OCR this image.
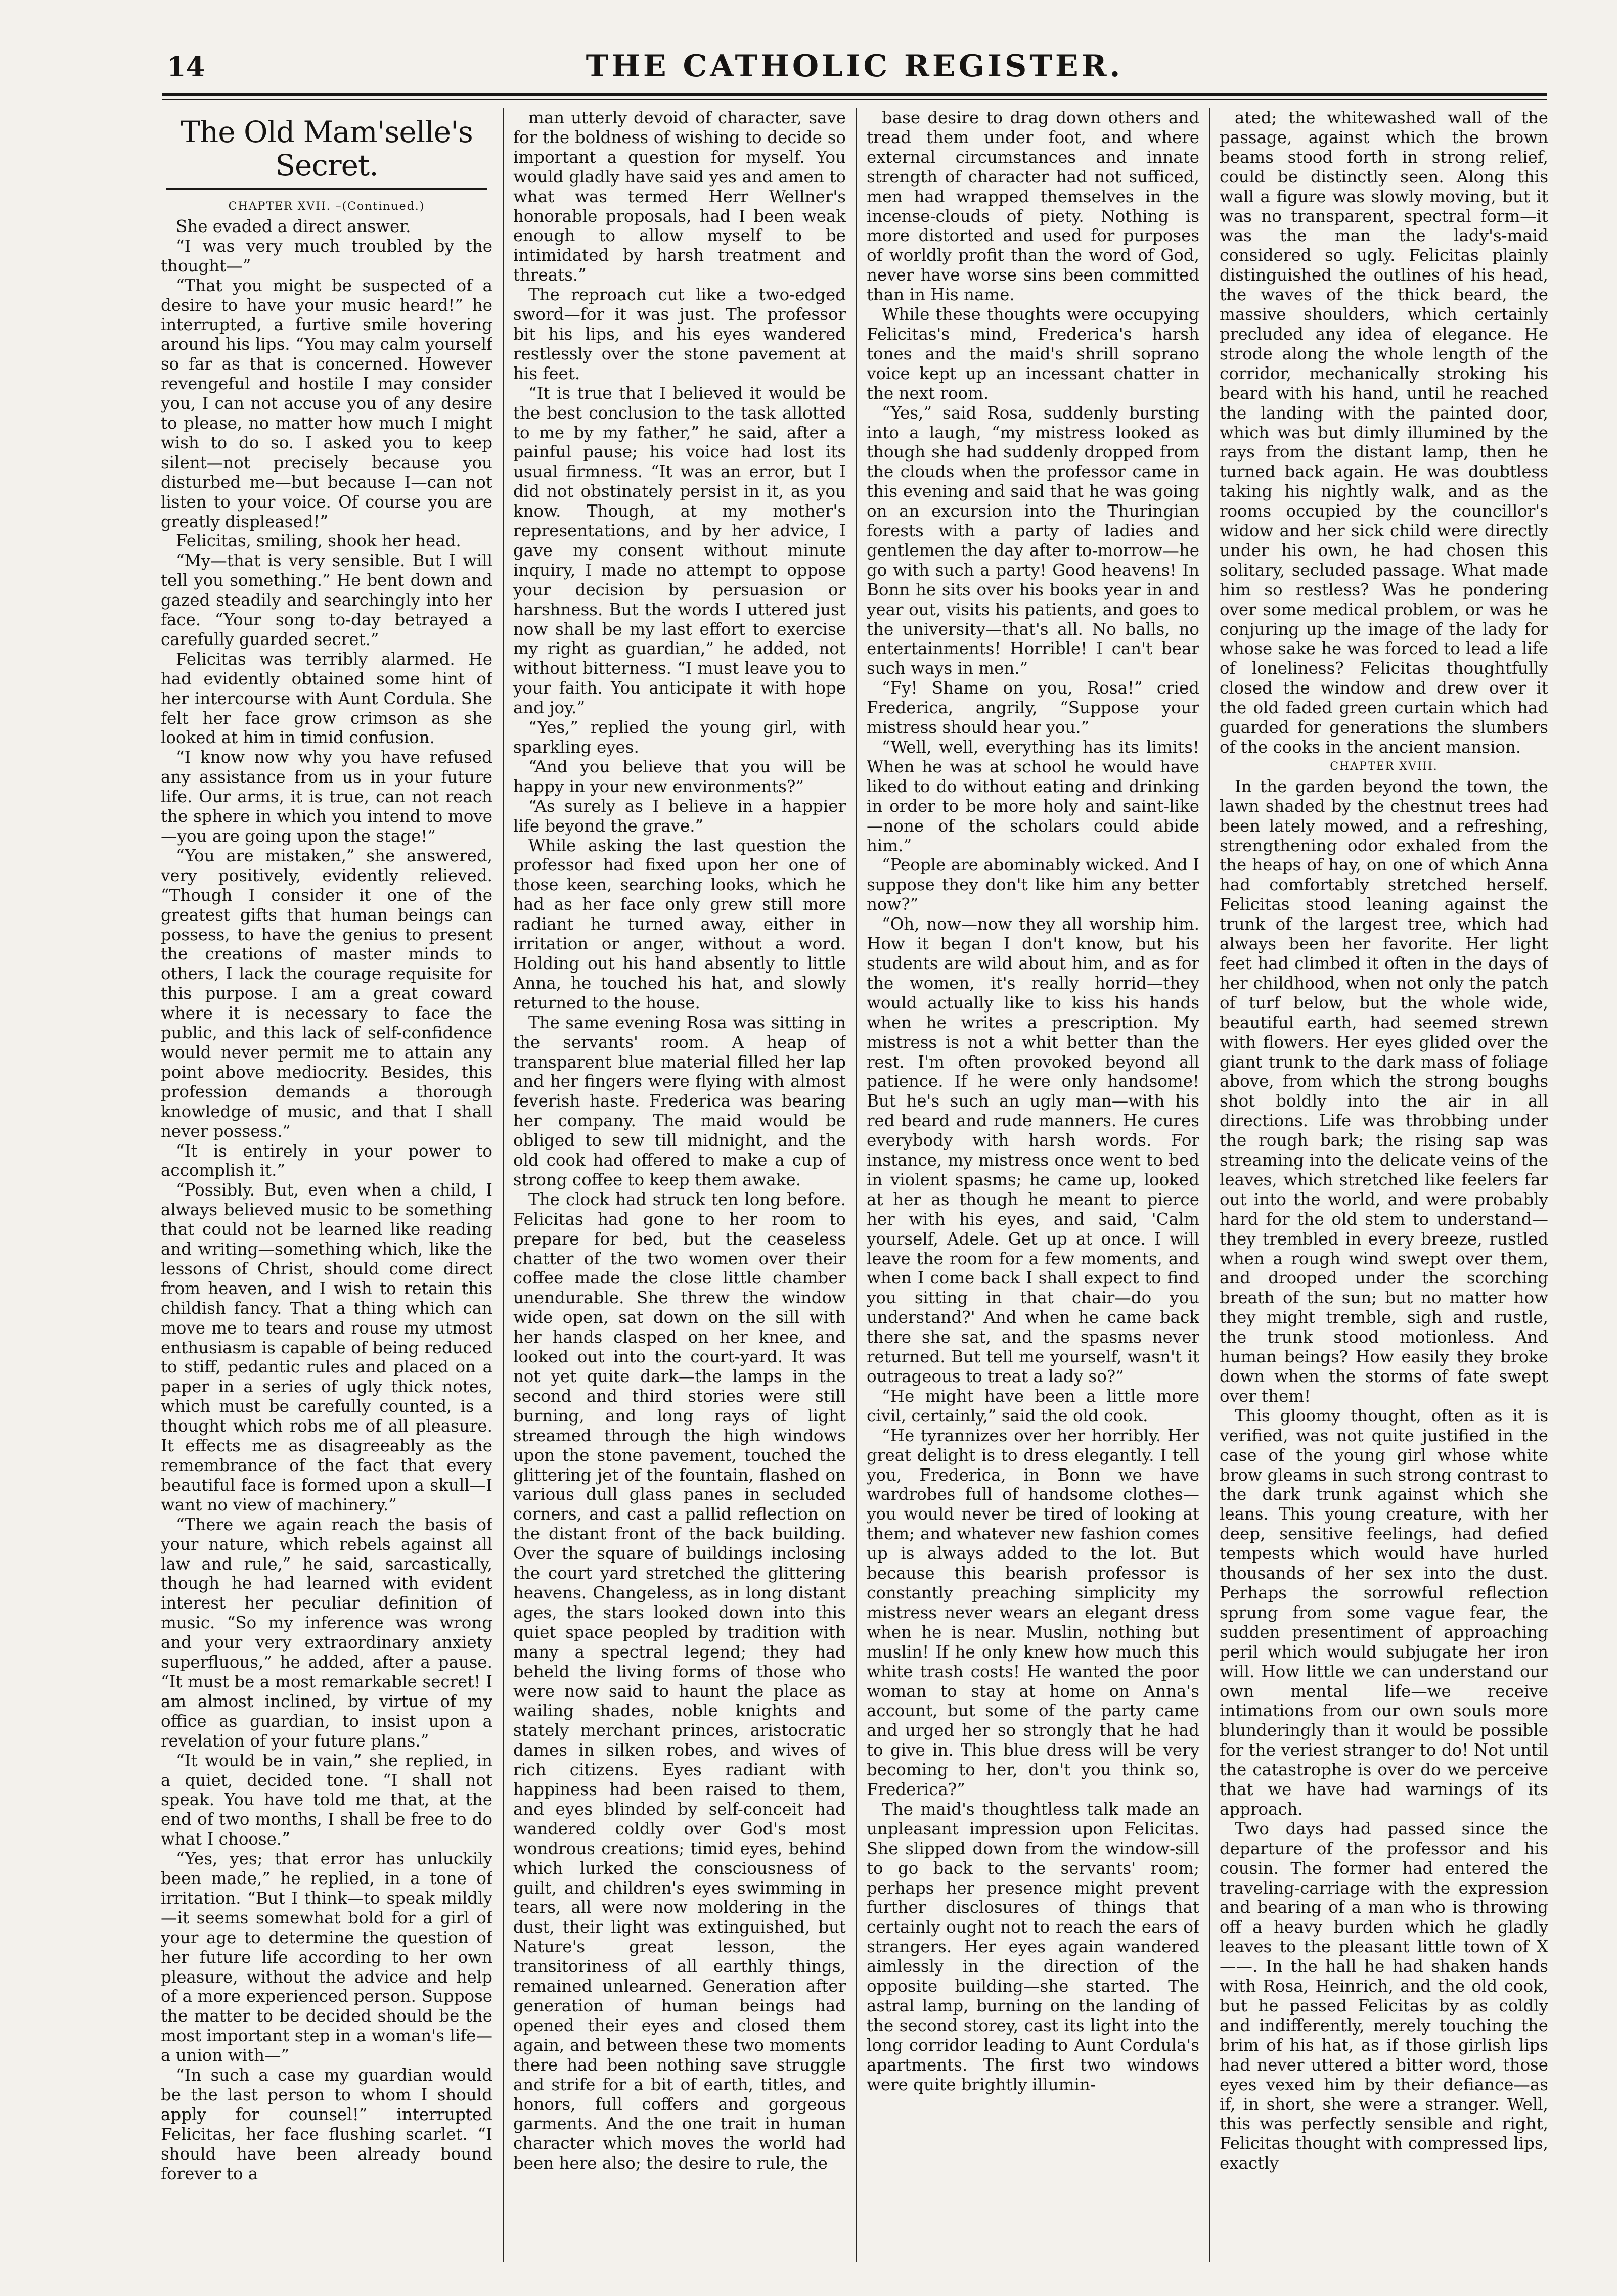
14	THE CATHOLIC REGISTER.
The Old Mam'selle's Secret.

CHAPTER XVII. –(Continued.)

She evaded a direct answer.

“I was very much troubled by the thought—”

“That you might be suspected of a desire to have your music heard!” he interrupted, a furtive smile hovering around his lips. “You may calm yourself so far as that is concerned. However revengeful and hostile I may consider you, I can not accuse you of any desire to please, no matter how much I might wish to do so. I asked you to keep silent—not precisely because you disturbed me—but because I—can not listen to your voice. Of course you are greatly displeased!”

Felicitas, smiling, shook her head.

“My—that is very sensible. But I will tell you something.” He bent down and gazed steadily and searchingly into her face. “Your song to-day betrayed a carefully guarded secret.”

Felicitas was terribly alarmed. He had evidently obtained some hint of her intercourse with Aunt Cordula. She felt her face grow crimson as she looked at him in timid confusion.

“I know now why you have refused any assistance from us in your future life. Our arms, it is true, can not reach the sphere in which you intend to move—you are going upon the stage!”

“You are mistaken,” she answered, very positively, evidently relieved. “Though I consider it one of the greatest gifts that human beings can possess, to have the genius to present the creations of master minds to others, I lack the courage requisite for this purpose. I am a great coward where it is necessary to face the public, and this lack of self-confidence would never permit me to attain any point above mediocrity. Besides, this profession demands a thorough knowledge of music, and that I shall never possess.”

“It is entirely in your power to accomplish it.”

“Possibly. But, even when a child, I always believed music to be something that could not be learned like reading and writing—something which, like the lessons of Christ, should come direct from heaven, and I wish to retain this childish fancy. That a thing which can move me to tears and rouse my utmost enthusiasm is capable of being reduced to stiff, pedantic rules and placed on a paper in a series of ugly thick notes, which must be carefully counted, is a thought which robs me of all pleasure. It effects me as disagreeably as the remembrance of the fact that every beautiful face is formed upon a skull—I want no view of machinery.”

“There we again reach the basis of your nature, which rebels against all law and rule,” he said, sarcastically, though he had learned with evident interest her peculiar definition of music. “So my inference was wrong and your very extraordinary anxiety superfluous,” he added, after a pause. “It must be a most remarkable secret! I am almost inclined, by virtue of my office as guardian, to insist upon a revelation of your future plans.”

“It would be in vain,” she replied, in a quiet, decided tone. “I shall not speak. You have told me that, at the end of two months, I shall be free to do what I choose.”

“Yes, yes; that error has unluckily been made,” he replied, in a tone of irritation. “But I think—to speak mildly—it seems somewhat bold for a girl of your age to determine the question of her future life according to her own pleasure, without the advice and help of a more experienced person. Suppose the matter to be decided should be the most important step in a woman's life—a union with—”

“In such a case my guardian would be the last person to whom I should apply for counsel!” interrupted Felicitas, her face flushing scarlet. “I should have been already bound forever to a

man utterly devoid of character, save for the boldness of wishing to decide so important a question for myself. You would gladly have said yes and amen to what was termed Herr Wellner's honorable proposals, had I been weak enough to allow myself to be intimidated by harsh treatment and threats.”

The reproach cut like a two-edged sword—for it was just. The professor bit his lips, and his eyes wandered restlessly over the stone pavement at his feet.

“It is true that I believed it would be the best conclusion to the task allotted to me by my father,” he said, after a painful pause; his voice had lost its usual firmness. “It was an error, but I did not obstinately persist in it, as you know. Though, at my mother's representations, and by her advice, I gave my consent without minute inquiry, I made no attempt to oppose your decision by persuasion or harshness. But the words I uttered just now shall be my last effort to exercise my right as guardian,” he added, not without bitterness. “I must leave you to your faith. You anticipate it with hope and joy.”

“Yes,” replied the young girl, with sparkling eyes.

“And you believe that you will be happy in your new environments?”

“As surely as I believe in a happier life beyond the grave.”

While asking the last question the professor had fixed upon her one of those keen, searching looks, which he had as her face only grew still more radiant he turned away, either in irritation or anger, without a word. Holding out his hand absently to little Anna, he touched his hat, and slowly returned to the house.

The same evening Rosa was sitting in the servants' room. A heap of transparent blue material filled her lap and her fingers were flying with almost feverish haste. Frederica was bearing her company. The maid would be obliged to sew till midnight, and the old cook had offered to make a cup of strong coffee to keep them awake.

The clock had struck ten long before. Felicitas had gone to her room to prepare for bed, but the ceaseless chatter of the two women over their coffee made the close little chamber unendurable. She threw the window wide open, sat down on the sill with her hands clasped on her knee, and looked out into the court-yard. It was not yet quite dark—the lamps in the second and third stories were still burning, and long rays of light streamed through the high windows upon the stone pavement, touched the glittering jet of the fountain, flashed on various dull glass panes in secluded corners, and cast a pallid reflection on the distant front of the back building. Over the square of buildings inclosing the court yard stretched the glittering heavens. Changeless, as in long distant ages, the stars looked down into this quiet space peopled by tradition with many a spectral legend; they had beheld the living forms of those who were now said to haunt the place as wailing shades, noble knights and stately merchant princes, aristocratic dames in silken robes, and wives of rich citizens. Eyes radiant with happiness had been raised to them, and eyes blinded by self-conceit had wandered coldly over God's most wondrous creations; timid eyes, behind which lurked the consciousness of guilt, and children's eyes swimming in tears, all were now moldering in the dust, their light was extinguished, but Nature's great lesson, the transitoriness of all earthly things, remained unlearned. Generation after generation of human beings had opened their eyes and closed them again, and between these two moments there had been nothing save struggle and strife for a bit of earth, titles, and honors, full coffers and gorgeous garments. And the one trait in human character which moves the world had been here also; the desire to rule, the

base desire to drag down others and tread them under foot, and where external circumstances and innate strength of character had not sufficed, men had wrapped themselves in the incense-clouds of piety. Nothing is more distorted and used for purposes of worldly profit than the word of God, never have worse sins been committed than in His name.

While these thoughts were occupying Felicitas's mind, Frederica's harsh tones and the maid's shrill soprano voice kept up an incessant chatter in the next room.

“Yes,” said Rosa, suddenly bursting into a laugh, “my mistress looked as though she had suddenly dropped from the clouds when the professor came in this evening and said that he was going on an excursion into the Thuringian forests with a party of ladies and gentlemen the day after to-morrow—he go with such a party! Good heavens! In Bonn he sits over his books year in and year out, visits his patients, and goes to the university—that's all. No balls, no entertainments! Horrible! I can't bear such ways in men.”

“Fy! Shame on you, Rosa!” cried Frederica, angrily, “Suppose your mistress should hear you.”

“Well, well, everything has its limits! When he was at school he would have liked to do without eating and drinking in order to be more holy and saint-like—none of the scholars could abide him.”

“People are abominably wicked. And I suppose they don't like him any better now?”

“Oh, now—now they all worship him. How it began I don't know, but his students are wild about him, and as for the women, it's really horrid—they would actually like to kiss his hands when he writes a prescription. My mistress is not a whit better than the rest. I'm often provoked beyond all patience. If he were only handsome! But he's such an ugly man—with his red beard and rude manners. He cures everybody with harsh words. For instance, my mistress once went to bed in violent spasms; he came up, looked at her as though he meant to pierce her with his eyes, and said, 'Calm yourself, Adele. Get up at once. I will leave the room for a few moments, and when I come back I shall expect to find you sitting in that chair—do you understand?' And when he came back there she sat, and the spasms never returned. But tell me yourself, wasn't it outrageous to treat a lady so?”

“He might have been a little more civil, certainly,” said the old cook.

“He tyrannizes over her horribly. Her great delight is to dress elegantly. I tell you, Frederica, in Bonn we have wardrobes full of handsome clothes—you would never be tired of looking at them; and whatever new fashion comes up is always added to the lot. But because this bearish professor is constantly preaching simplicity my mistress never wears an elegant dress when he is near. Muslin, nothing but muslin! If he only knew how much this white trash costs! He wanted the poor woman to stay at home on Anna's account, but some of the party came and urged her so strongly that he had to give in. This blue dress will be very becoming to her, don't you think so, Frederica?”

The maid's thoughtless talk made an unpleasant impression upon Felicitas. She slipped down from the window-sill to go back to the servants' room; perhaps her presence might prevent further disclosures of things that certainly ought not to reach the ears of strangers. Her eyes again wandered aimlessly in the direction of the opposite building—she started. The astral lamp, burning on the landing of the second storey, cast its light into the long corridor leading to Aunt Cordula's apartments. The first two windows were quite brightly illumin-

ated; the whitewashed wall of the passage, against which the brown beams stood forth in strong relief, could be distinctly seen. Along this wall a figure was slowly moving, but it was no transparent, spectral form—it was the man the lady's-maid considered so ugly. Felicitas plainly distinguished the outlines of his head, the waves of the thick beard, the massive shoulders, which certainly precluded any idea of elegance. He strode along the whole length of the corridor, mechanically stroking his beard with his hand, until he reached the landing with the painted door, which was but dimly illumined by the rays from the distant lamp, then he turned back again. He was doubtless taking his nightly walk, and as the rooms occupied by the councillor's widow and her sick child were directly under his own, he had chosen this solitary, secluded passage. What made him so restless? Was he pondering over some medical problem, or was he conjuring up the image of the lady for whose sake he was forced to lead a life of loneliness? Felicitas thoughtfully closed the window and drew over it the old faded green curtain which had guarded for generations the slumbers of the cooks in the ancient mansion.

CHAPTER XVIII.

In the garden beyond the town, the lawn shaded by the chestnut trees had been lately mowed, and a refreshing, strengthening odor exhaled from the the heaps of hay, on one of which Anna had comfortably stretched herself. Felicitas stood leaning against the trunk of the largest tree, which had always been her favorite. Her light feet had climbed it often in the days of her childhood, when not only the patch of turf below, but the whole wide, beautiful earth, had seemed strewn with flowers. Her eyes glided over the giant trunk to the dark mass of foliage above, from which the strong boughs shot boldly into the air in all directions. Life was throbbing under the rough bark; the rising sap was streaming into the delicate veins of the leaves, which stretched like feelers far out into the world, and were probably hard for the old stem to understand—they trembled in every breeze, rustled when a rough wind swept over them, and drooped under the scorching breath of the sun; but no matter how they might tremble, sigh and rustle, the trunk stood motionless. And human beings? How easily they broke down when the storms of fate swept over them!

This gloomy thought, often as it is verified, was not quite justified in the case of the young girl whose white brow gleams in such strong contrast to the dark trunk against which she leans. This young creature, with her deep, sensitive feelings, had defied tempests which would have hurled thousands of her sex into the dust. Perhaps the sorrowful reflection sprung from some vague fear, the sudden presentiment of approaching peril which would subjugate her iron will. How little we can understand our own mental life—we receive intimations from our own souls more blunderingly than it would be possible for the veriest stranger to do! Not until the catastrophe is over do we perceive that we have had warnings of its approach.

Two days had passed since the departure of the professor and his cousin. The former had entered the traveling-carriage with the expression and bearing of a man who is throwing off a heavy burden which he gladly leaves to the pleasant little town of X——. In the hall he had shaken hands with Rosa, Heinrich, and the old cook, but he passed Felicitas by as coldly and indifferently, merely touching the brim of his hat, as if those girlish lips had never uttered a bitter word, those eyes vexed him by their defiance—as if, in short, she were a stranger. Well, this was perfectly sensible and right, Felicitas thought with compressed lips, exactly
